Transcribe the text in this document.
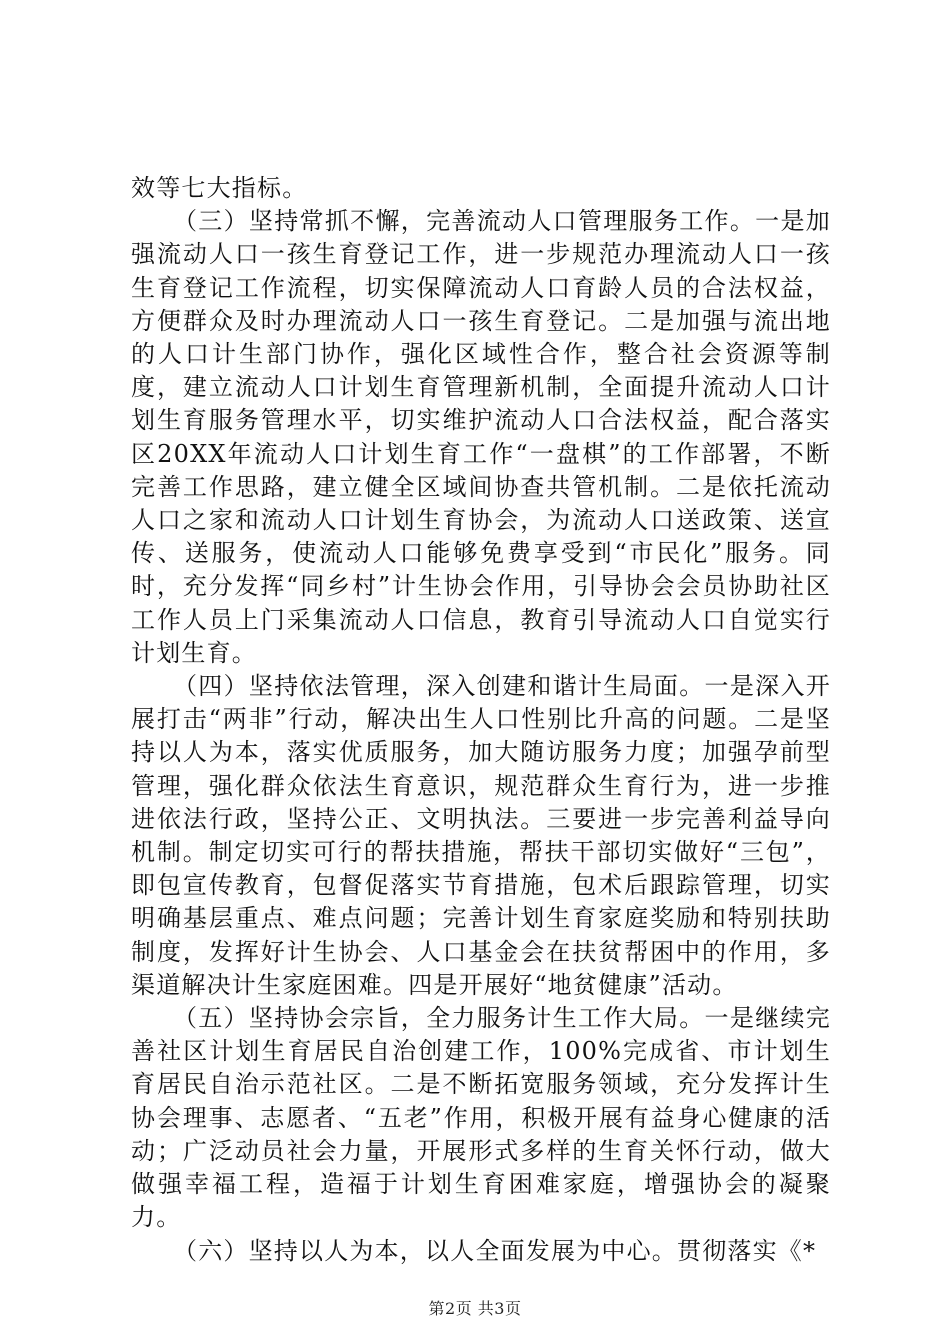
效等七大指标。

（三）坚持常抓不懈，完善流动人口管理服务工作。一是加强流动人口一孩生育登记工作，进一步规范办理流动人口一孩生育登记工作流程，切实保障流动人口育龄人员的合法权益，方便群众及时办理流动人口一孩生育登记。二是加强与流出地的人口计生部门协作，强化区域性合作，整合社会资源等制度，建立流动人口计划生育管理新机制，全面提升流动人口计划生育服务管理水平，切实维护流动人口合法权益，配合落实区20XX年流动人口计划生育工作“一盘棋”的工作部署，不断完善工作思路，建立健全区域间协查共管机制。二是依托流动人口之家和流动人口计划生育协会，为流动人口送政策、送宣传、送服务，使流动人口能够免费享受到“市民化”服务。同时，充分发挥“同乡村”计生协会作用，引导协会会员协助社区工作人员上门采集流动人口信息，教育引导流动人口自觉实行计划生育。

（四）坚持依法管理，深入创建和谐计生局面。一是深入开展打击“两非”行动，解决出生人口性别比升高的问题。二是坚持以人为本，落实优质服务，加大随访服务力度；加强孕前型管理，强化群众依法生育意识，规范群众生育行为，进一步推进依法行政，坚持公正、文明执法。三要进一步完善利益导向机制。制定切实可行的帮扶措施，帮扶干部切实做好“三包”，即包宣传教育，包督促落实节育措施，包术后跟踪管理，切实明确基层重点、难点问题；完善计划生育家庭奖励和特别扶助制度，发挥好计生协会、人口基金会在扶贫帮困中的作用，多渠道解决计生家庭困难。四是开展好“地贫健康”活动。

（五）坚持协会宗旨，全力服务计生工作大局。一是继续完善社区计划生育居民自治创建工作，100%完成省、市计划生育居民自治示范社区。二是不断拓宽服务领域，充分发挥计生协会理事、志愿者、“五老”作用，积极开展有益身心健康的活动；广泛动员社会力量，开展形式多样的生育关怀行动，做大做强幸福工程，造福于计划生育困难家庭，增强协会的凝聚力。

（六）坚持以人为本，以人全面发展为中心。贯彻落实《*

第2页 共3页
